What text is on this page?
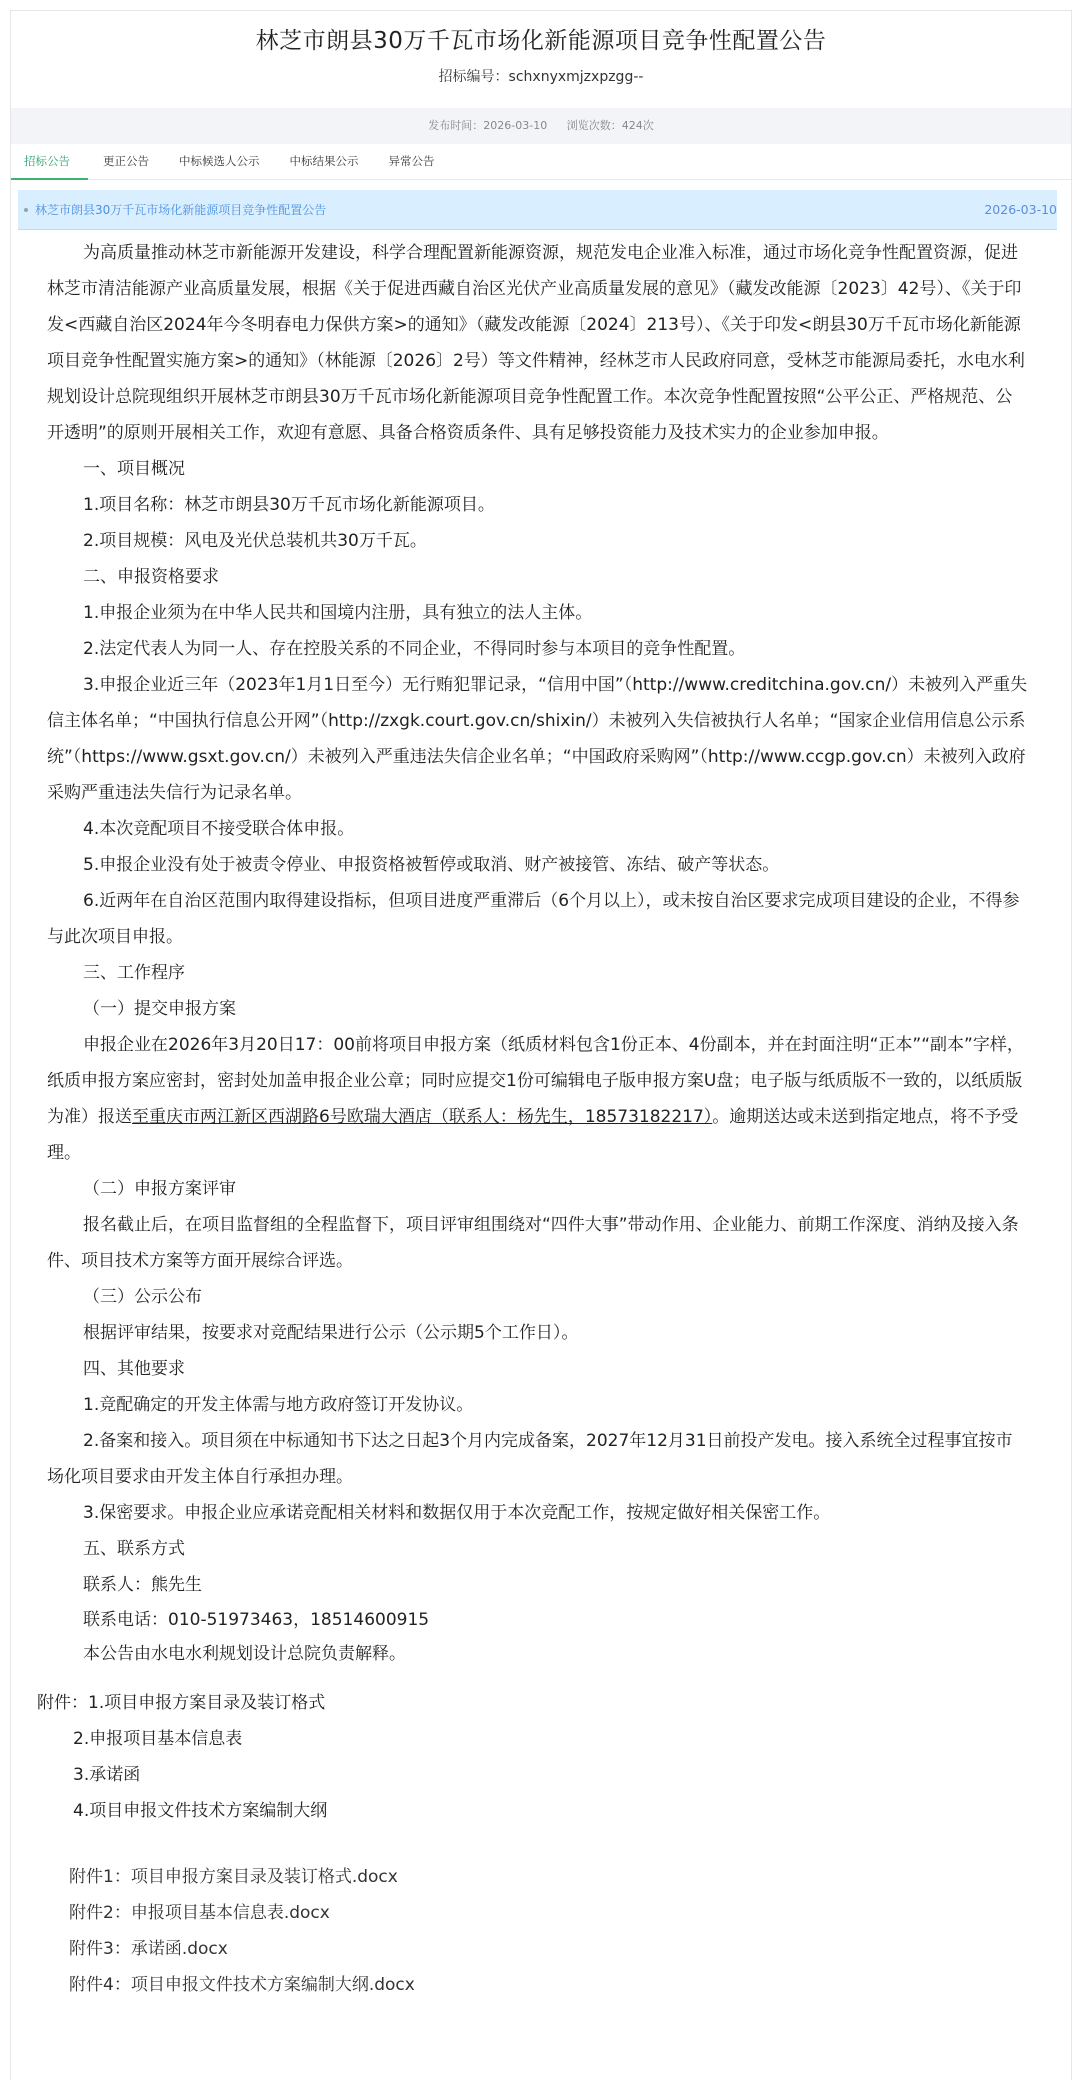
林芝市朗县30万千瓦市场化新能源项目竞争性配置公告
招标编号：schxnyxmjzxpzgg--
发布时间：2026-03-10 浏览次数：424次
招标公告	更正公告	中标候选人公示	中标结果公示	异常公告
林芝市朗县30万千瓦市场化新能源项目竞争性配置公告	2026-03-10

为高质量推动林芝市新能源开发建设，科学合理配置新能源资源，规范发电企业准入标准，通过市场化竞争性配置资源，促进林芝市清洁能源产业高质量发展，根据《关于促进西藏自治区光伏产业高质量发展的意见》（藏发改能源〔2023〕42号）、《关于印发<西藏自治区2024年今冬明春电力保供方案>的通知》（藏发改能源〔2024〕213号）、《关于印发<朗县30万千瓦市场化新能源项目竞争性配置实施方案>的通知》（林能源〔2026〕2号）等文件精神，经林芝市人民政府同意，受林芝市能源局委托，水电水利规划设计总院现组织开展林芝市朗县30万千瓦市场化新能源项目竞争性配置工作。本次竞争性配置按照“公平公正、严格规范、公开透明”的原则开展相关工作，欢迎有意愿、具备合格资质条件、具有足够投资能力及技术实力的企业参加申报。

一、项目概况

1.项目名称：林芝市朗县30万千瓦市场化新能源项目。

2.项目规模：风电及光伏总装机共30万千瓦。

二、申报资格要求

1.申报企业须为在中华人民共和国境内注册，具有独立的法人主体。

2.法定代表人为同一人、存在控股关系的不同企业，不得同时参与本项目的竞争性配置。

3.申报企业近三年（2023年1月1日至今）无行贿犯罪记录，“信用中国”（http://www.creditchina.gov.cn/）未被列入严重失信主体名单；“中国执行信息公开网”（http://zxgk.court.gov.cn/shixin/）未被列入失信被执行人名单；“国家企业信用信息公示系统”（https://www.gsxt.gov.cn/）未被列入严重违法失信企业名单；“中国政府采购网”（http://www.ccgp.gov.cn）未被列入政府采购严重违法失信行为记录名单。

4.本次竞配项目不接受联合体申报。

5.申报企业没有处于被责令停业、申报资格被暂停或取消、财产被接管、冻结、破产等状态。

6.近两年在自治区范围内取得建设指标，但项目进度严重滞后（6个月以上），或未按自治区要求完成项目建设的企业，不得参与此次项目申报。

三、工作程序

（一）提交申报方案

申报企业在2026年3月20日17：00前将项目申报方案（纸质材料包含1份正本、4份副本，并在封面注明“正本”“副本”字样，纸质申报方案应密封，密封处加盖申报企业公章；同时应提交1份可编辑电子版申报方案U盘；电子版与纸质版不一致的，以纸质版为准）报送至重庆市两江新区西湖路6号欧瑞大酒店（联系人：杨先生，18573182217）。逾期送达或未送到指定地点，将不予受理。

（二）申报方案评审

报名截止后，在项目监督组的全程监督下，项目评审组围绕对“四件大事”带动作用、企业能力、前期工作深度、消纳及接入条件、项目技术方案等方面开展综合评选。

（三）公示公布

根据评审结果，按要求对竞配结果进行公示（公示期5个工作日）。

四、其他要求

1.竞配确定的开发主体需与地方政府签订开发协议。

2.备案和接入。项目须在中标通知书下达之日起3个月内完成备案，2027年12月31日前投产发电。接入系统全过程事宜按市场化项目要求由开发主体自行承担办理。

3.保密要求。申报企业应承诺竞配相关材料和数据仅用于本次竞配工作，按规定做好相关保密工作。

五、联系方式

联系人：熊先生

联系电话：010-51973463，18514600915

本公告由水电水利规划设计总院负责解释。

附件：1.项目申报方案目录及装订格式

2.申报项目基本信息表

3.承诺函

4.项目申报文件技术方案编制大纲

附件1：项目申报方案目录及装订格式.docx

附件2：申报项目基本信息表.docx

附件3：承诺函.docx

附件4：项目申报文件技术方案编制大纲.docx
